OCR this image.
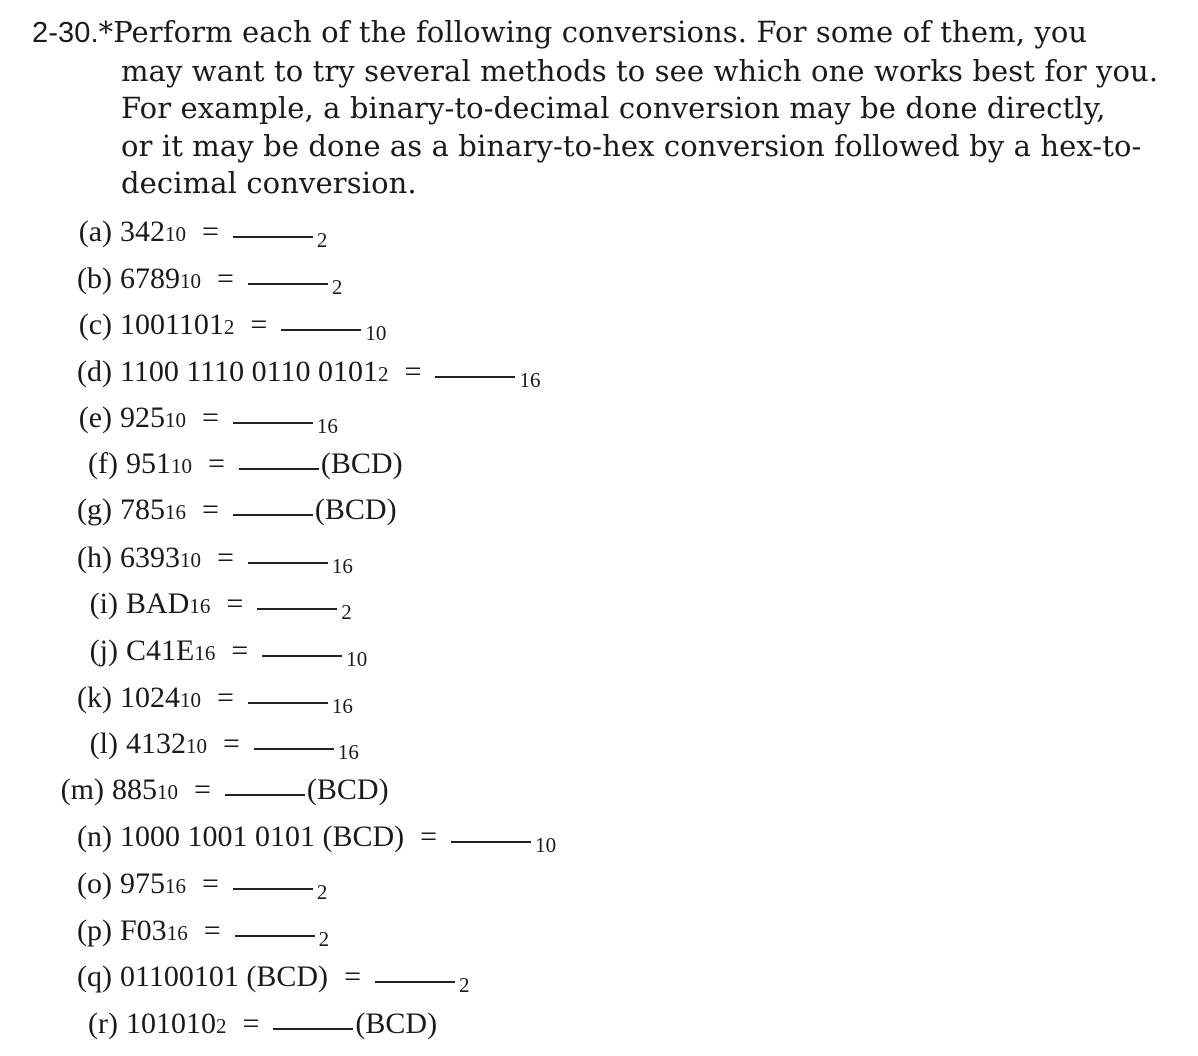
2-30.*Perform each of the following conversions. For some of them, you
may want to try several methods to see which one works best for you.
For example, a binary-to-decimal conversion may be done directly,
or it may be done as a binary-to-hex conversion followed by a hex-to-
decimal conversion.
(a) 342 10 =	2
(b) 6789 10 =	2
(c) 1001101 2 =	10
(d) 1100 1110 0110 0101 2 =	16
(e) 925 10 =	16
(f) 951 10 =	(BCD)
(g) 785 16 =	(BCD)
(h) 6393 10 =	16
(i) BAD 16 =	2
(j) C41E 16 =	10
(k) 1024 10 =	16
(l) 4132 10 =	16
(m) 885 10 =	(BCD)
(n) 1000 1001 0101 (BCD) =	10
(o) 975 16 =	2
(p) F03 16 =	2
(q) 01100101 (BCD) =	2
(r) 101010 2 =	(BCD)
